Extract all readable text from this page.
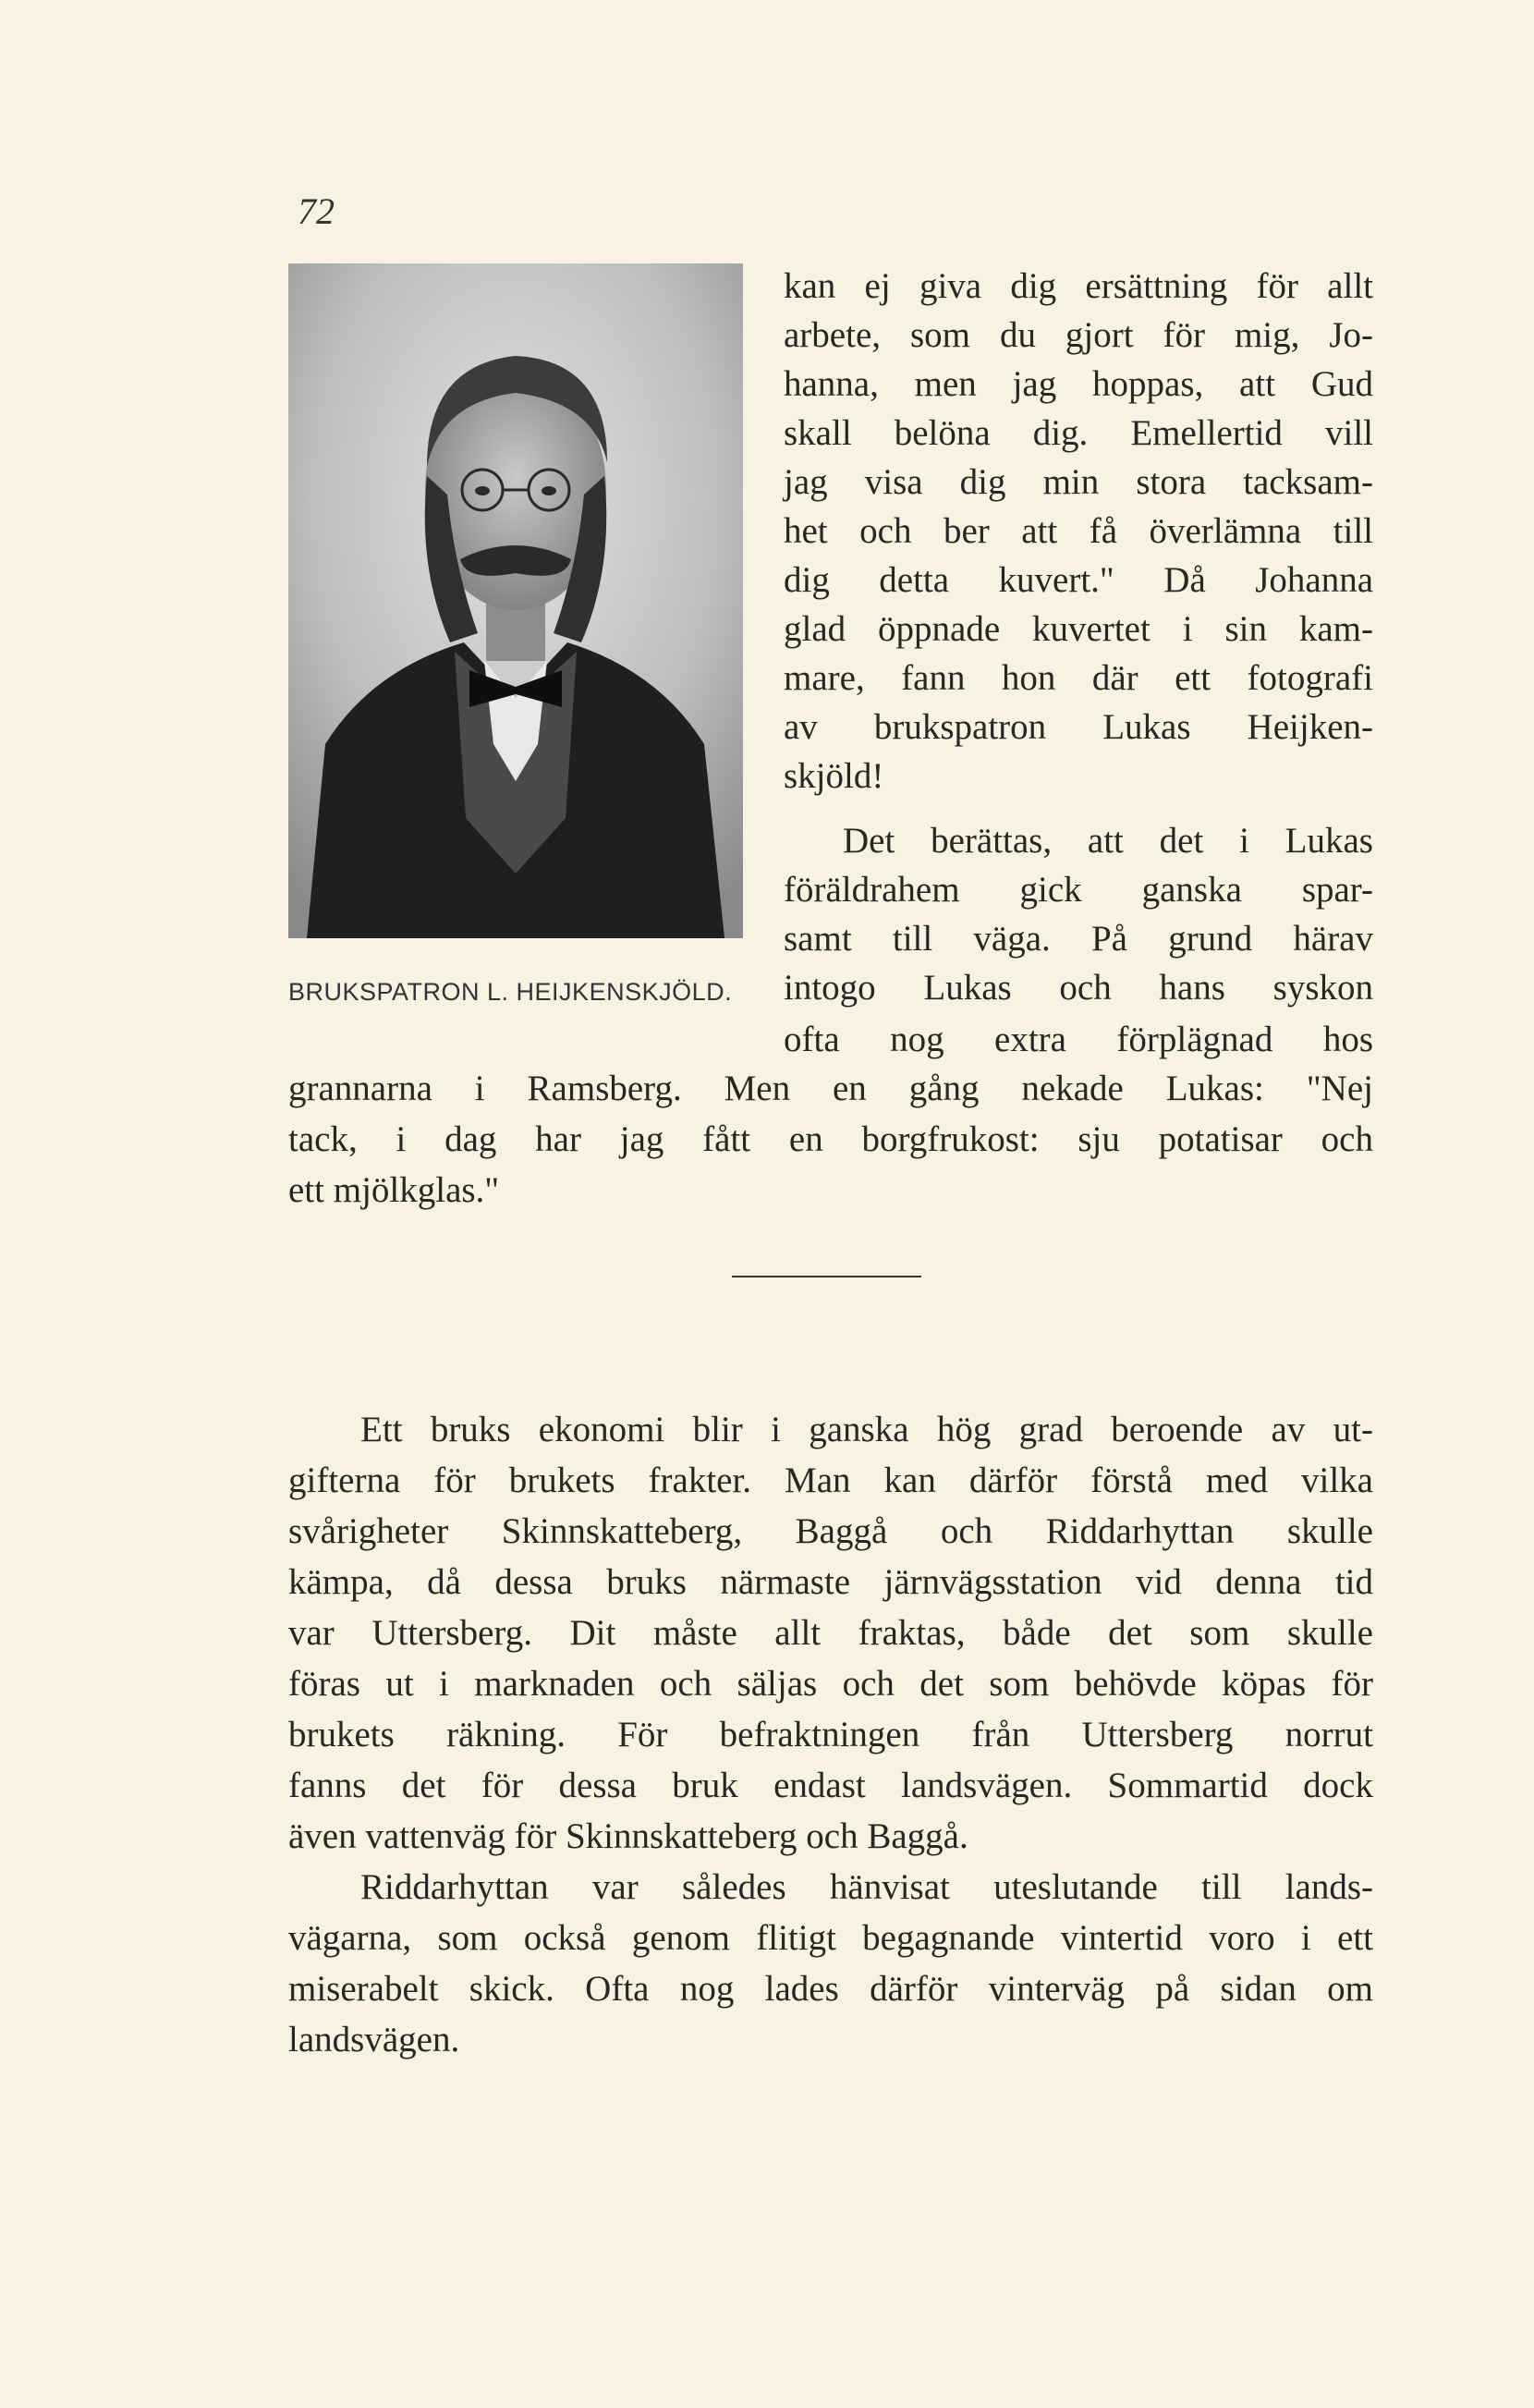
72
BRUKSPATRON L. HEIJKENSKJÖLD.
kan ej giva dig ersättning för allt
arbete, som du gjort för mig, Jo-
hanna, men jag hoppas, att Gud
skall belöna dig. Emellertid vill
jag visa dig min stora tacksam-
het och ber att få överlämna till
dig detta kuvert." Då Johanna
glad öppnade kuvertet i sin kam-
mare, fann hon där ett fotografi
av brukspatron Lukas Heijken-
skjöld!
Det berättas, att det i Lukas
föräldrahem gick ganska spar-
samt till väga. På grund härav
intogo Lukas och hans syskon
ofta nog extra förplägnad hos
grannarna i Ramsberg. Men en gång nekade Lukas: "Nej
tack, i dag har jag fått en borgfrukost: sju potatisar och
ett mjölkglas."
Ett bruks ekonomi blir i ganska hög grad beroende av ut-
gifterna för brukets frakter. Man kan därför förstå med vilka
svårigheter Skinnskatteberg, Baggå och Riddarhyttan skulle
kämpa, då dessa bruks närmaste järnvägsstation vid denna tid
var Uttersberg. Dit måste allt fraktas, både det som skulle
föras ut i marknaden och säljas och det som behövde köpas för
brukets räkning. För befraktningen från Uttersberg norrut
fanns det för dessa bruk endast landsvägen. Sommartid dock
även vattenväg för Skinnskatteberg och Baggå.
Riddarhyttan var således hänvisat uteslutande till lands-
vägarna, som också genom flitigt begagnande vintertid voro i ett
miserabelt skick. Ofta nog lades därför vinterväg på sidan om
landsvägen.
